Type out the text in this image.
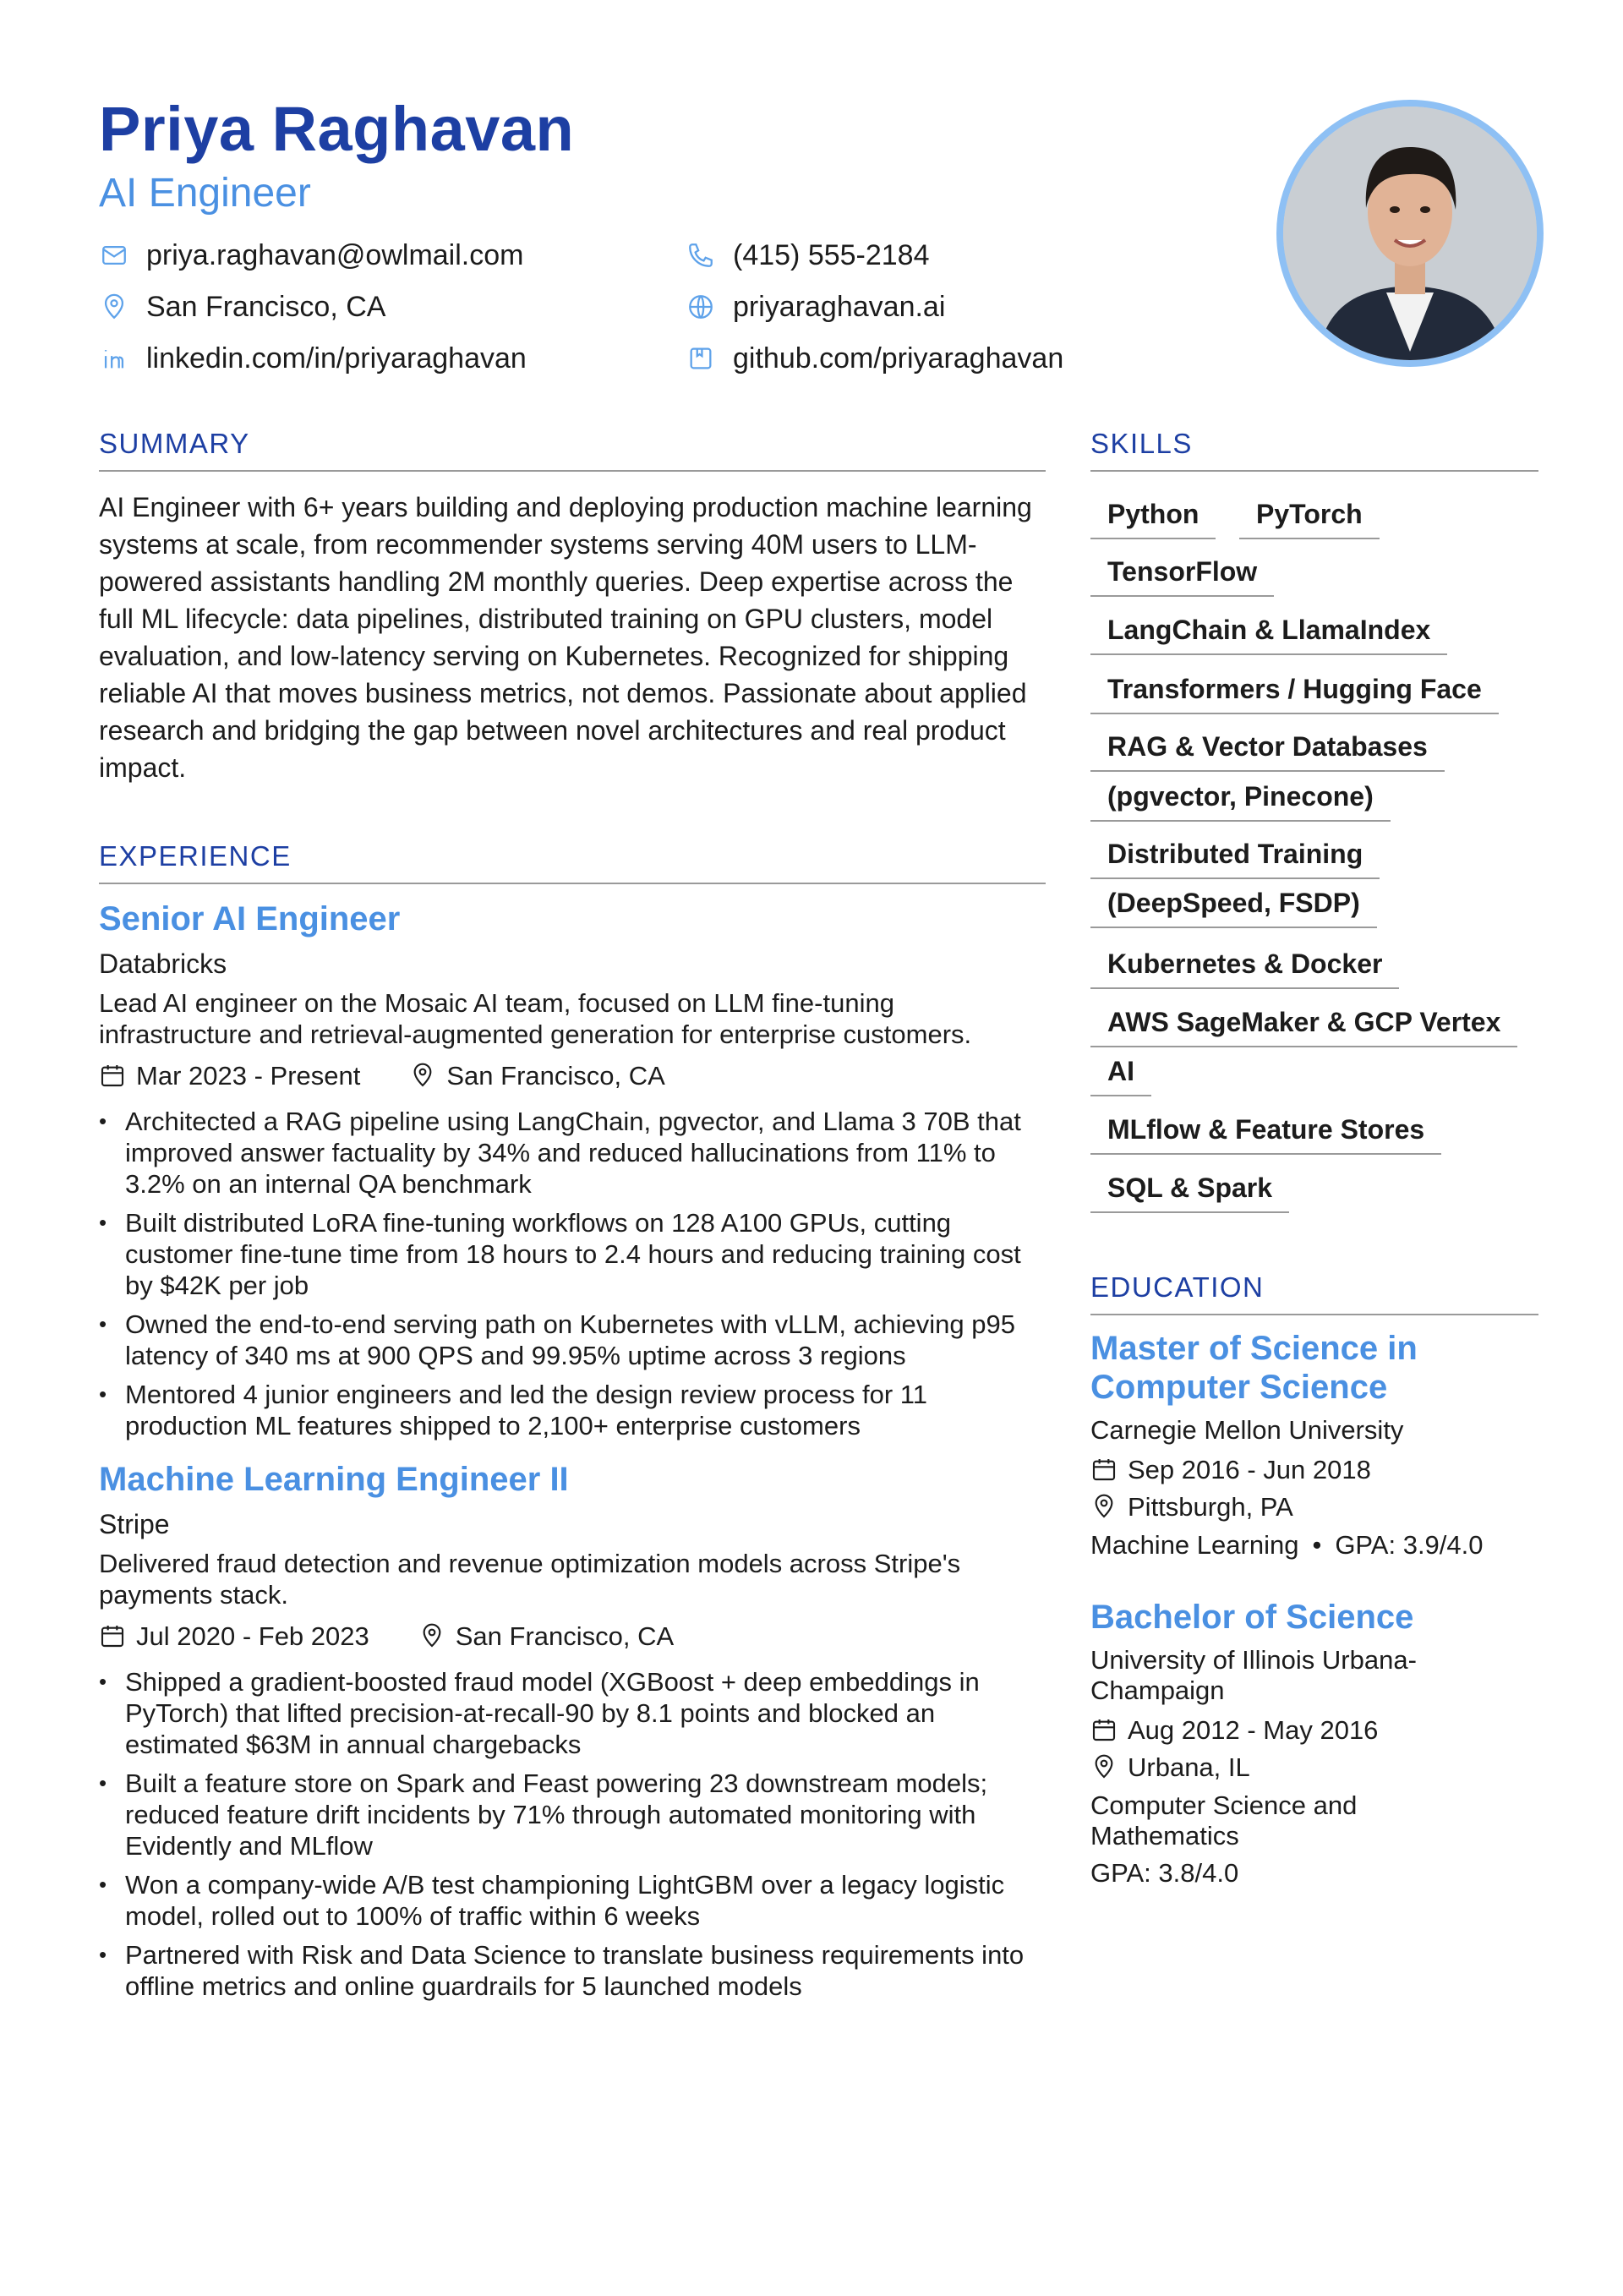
Priya Raghavan
AI Engineer
priya.raghavan@owlmail.com	(415) 555-2184
San Francisco, CA	priyaraghavan.ai
linkedin.com/in/priyaraghavan	github.com/priyaraghavan
SUMMARY

AI Engineer with 6+ years building and deploying production machine learning systems at scale, from recommender systems serving 40M users to LLM-powered assistants handling 2M monthly queries. Deep expertise across the full ML lifecycle: data pipelines, distributed training on GPU clusters, model evaluation, and low-latency serving on Kubernetes. Recognized for shipping reliable AI that moves business metrics, not demos. Passionate about applied research and bridging the gap between novel architectures and real product impact.

EXPERIENCE
Senior AI Engineer
Databricks
Lead AI engineer on the Mosaic AI team, focused on LLM fine-tuning infrastructure and retrieval-augmented generation for enterprise customers.
Mar 2023 - Present	San Francisco, CA
• Architected a RAG pipeline using LangChain, pgvector, and Llama 3 70B that improved answer factuality by 34% and reduced hallucinations from 11% to 3.2% on an internal QA benchmark
• Built distributed LoRA fine-tuning workflows on 128 A100 GPUs, cutting customer fine-tune time from 18 hours to 2.4 hours and reducing training cost by $42K per job
• Owned the end-to-end serving path on Kubernetes with vLLM, achieving p95 latency of 340 ms at 900 QPS and 99.95% uptime across 3 regions
• Mentored 4 junior engineers and led the design review process for 11 production ML features shipped to 2,100+ enterprise customers
Machine Learning Engineer II
Stripe
Delivered fraud detection and revenue optimization models across Stripe's payments stack.
Jul 2020 - Feb 2023	San Francisco, CA
• Shipped a gradient-boosted fraud model (XGBoost + deep embeddings in PyTorch) that lifted precision-at-recall-90 by 8.1 points and blocked an estimated $63M in annual chargebacks
• Built a feature store on Spark and Feast powering 23 downstream models; reduced feature drift incidents by 71% through automated monitoring with Evidently and MLflow
• Won a company-wide A/B test championing LightGBM over a legacy logistic model, rolled out to 100% of traffic within 6 weeks
• Partnered with Risk and Data Science to translate business requirements into offline metrics and online guardrails for 5 launched models
SKILLS
Python	PyTorch
TensorFlow
LangChain & LlamaIndex
Transformers / Hugging Face
RAG & Vector Databases
(pgvector, Pinecone)
Distributed Training
(DeepSpeed, FSDP)
Kubernetes & Docker
AWS SageMaker & GCP Vertex
AI
MLflow & Feature Stores
SQL & Spark
EDUCATION
Master of Science in Computer Science
Carnegie Mellon University
Sep 2016 - Jun 2018
Pittsburgh, PA
Machine Learning • GPA: 3.9/4.0
Bachelor of Science
University of Illinois Urbana-Champaign
Aug 2012 - May 2016
Urbana, IL
Computer Science and Mathematics
GPA: 3.8/4.0
